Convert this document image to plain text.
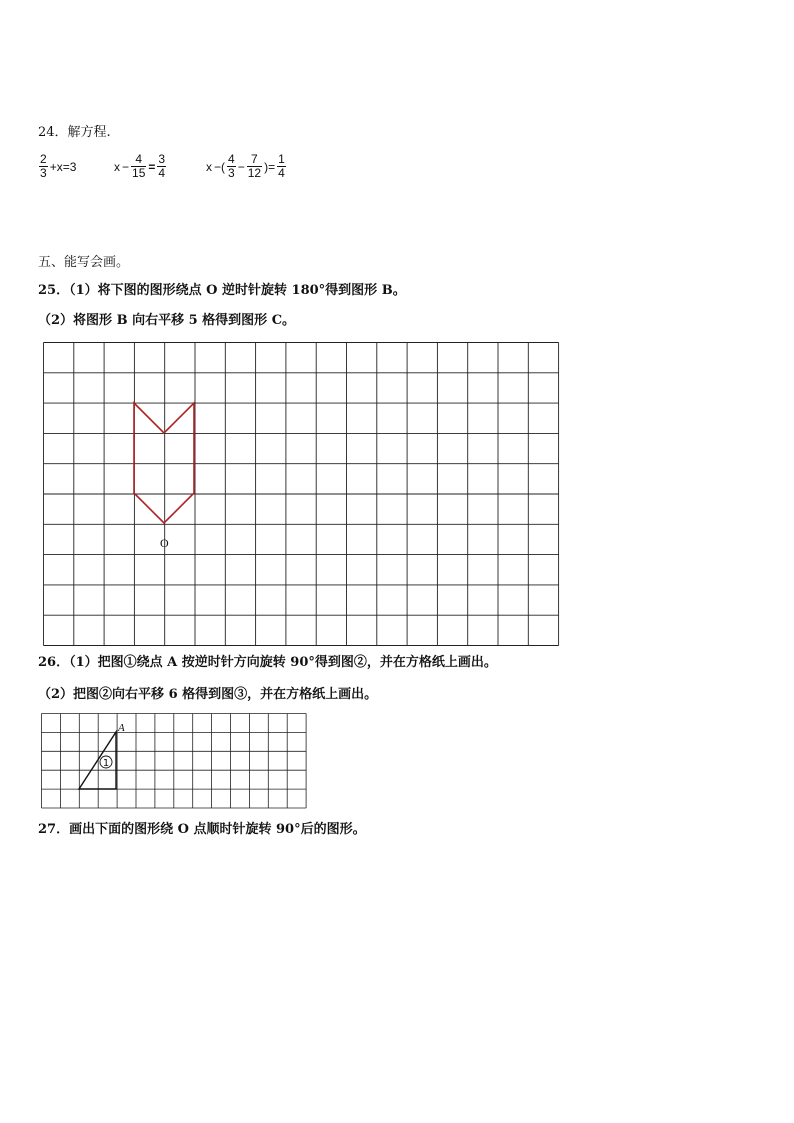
24．解方程.
$\frac{2}{3} +x=3$	$x - \frac{4}{15} = \frac{3}{4}$	x −( $\frac{4}{3} - \frac{7}{12}$ )= $\frac{1}{4}$
五、能写会画。
25．（1）将下图的图形绕点 O 逆时针旋转 180°得到图形 B。
（2）将图形 B 向右平移 5 格得到图形 C。
O
A
1
26．（1）把图①绕点 A 按逆时针方向旋转 90°得到图②，并在方格纸上画出。
（2）把图②向右平移 6 格得到图③，并在方格纸上画出。
27．画出下面的图形绕 O 点顺时针旋转 90°后的图形。
